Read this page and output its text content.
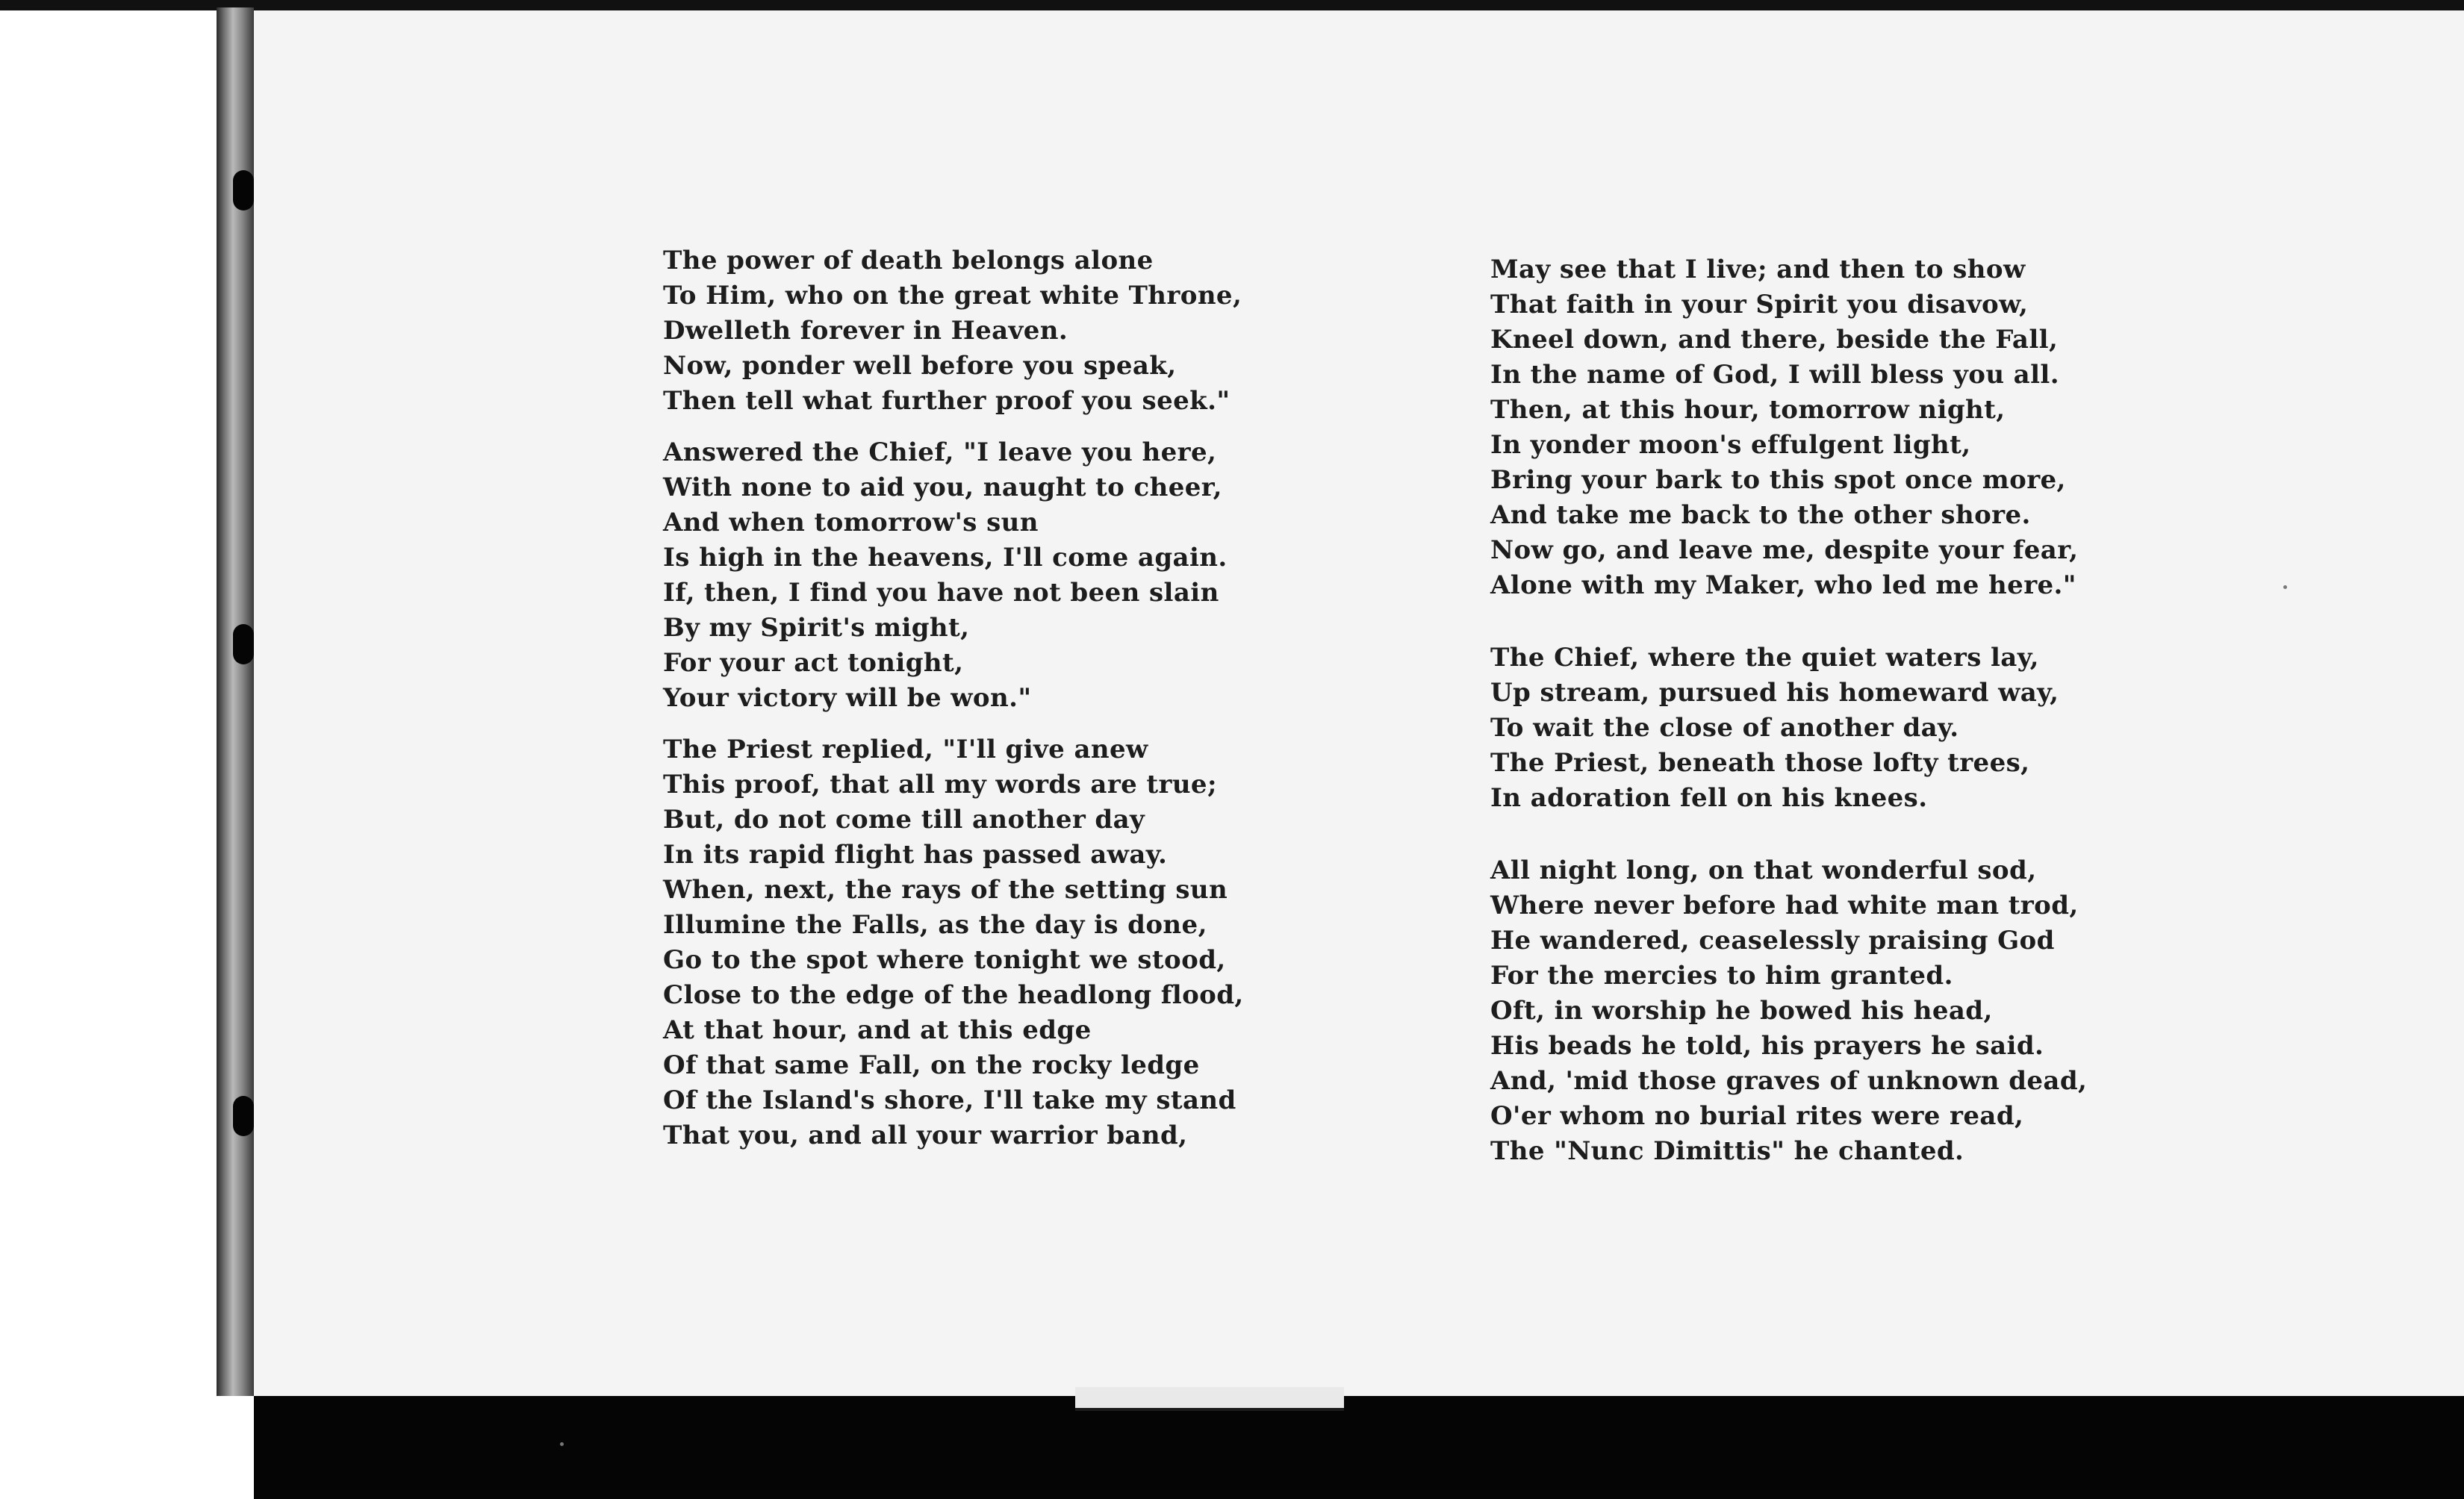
The power of death belongs alone
To Him, who on the great white Throne,
Dwelleth forever in Heaven.
Now, ponder well before you speak,
Then tell what further proof you seek."
Answered the Chief, "I leave you here,
With none to aid you, naught to cheer,
And when tomorrow's sun
Is high in the heavens, I'll come again.
If, then, I find you have not been slain
By my Spirit's might,
For your act tonight,
Your victory will be won."
The Priest replied, "I'll give anew
This proof, that all my words are true;
But, do not come till another day
In its rapid flight has passed away.
When, next, the rays of the setting sun
Illumine the Falls, as the day is done,
Go to the spot where tonight we stood,
Close to the edge of the headlong flood,
At that hour, and at this edge
Of that same Fall, on the rocky ledge
Of the Island's shore, I'll take my stand
That you, and all your warrior band,
May see that I live; and then to show
That faith in your Spirit you disavow,
Kneel down, and there, beside the Fall,
In the name of God, I will bless you all.
Then, at this hour, tomorrow night,
In yonder moon's effulgent light,
Bring your bark to this spot once more,
And take me back to the other shore.
Now go, and leave me, despite your fear,
Alone with my Maker, who led me here."
The Chief, where the quiet waters lay,
Up stream, pursued his homeward way,
To wait the close of another day.
The Priest, beneath those lofty trees,
In adoration fell on his knees.
All night long, on that wonderful sod,
Where never before had white man trod,
He wandered, ceaselessly praising God
For the mercies to him granted.
Oft, in worship he bowed his head,
His beads he told, his prayers he said.
And, 'mid those graves of unknown dead,
O'er whom no burial rites were read,
The "Nunc Dimittis" he chanted.
